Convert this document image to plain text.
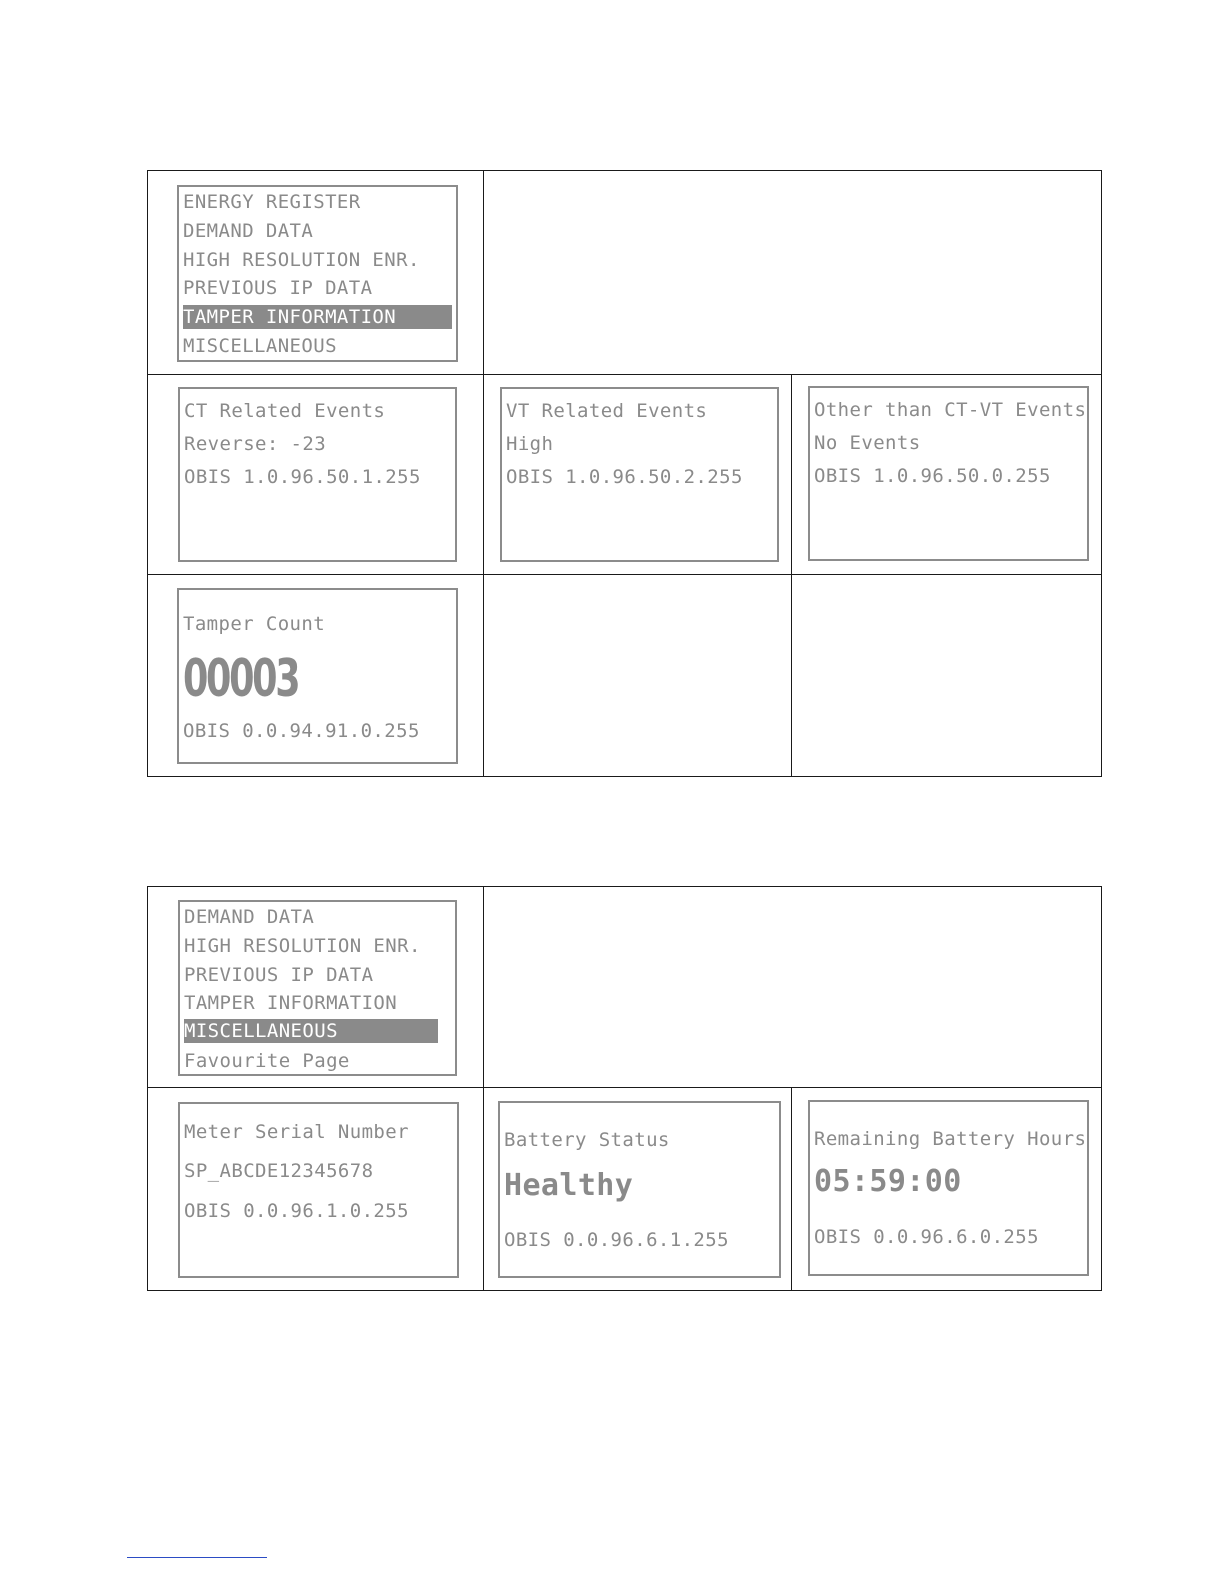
ENERGY REGISTER
DEMAND DATA
HIGH RESOLUTION ENR.
PREVIOUS IP DATA
TAMPER INFORMATION
MISCELLANEOUS
CT Related Events
Reverse: -23
OBIS 1.0.96.50.1.255
VT Related Events
High
OBIS 1.0.96.50.2.255
Other than CT-VT Events
No Events
OBIS 1.0.96.50.0.255
Tamper Count
00003
OBIS 0.0.94.91.0.255
DEMAND DATA
HIGH RESOLUTION ENR.
PREVIOUS IP DATA
TAMPER INFORMATION
MISCELLANEOUS
Favourite Page
Meter Serial Number
SP_ABCDE12345678
OBIS 0.0.96.1.0.255
Battery Status
Healthy
OBIS 0.0.96.6.1.255
Remaining Battery Hours
05:59:00
OBIS 0.0.96.6.0.255
